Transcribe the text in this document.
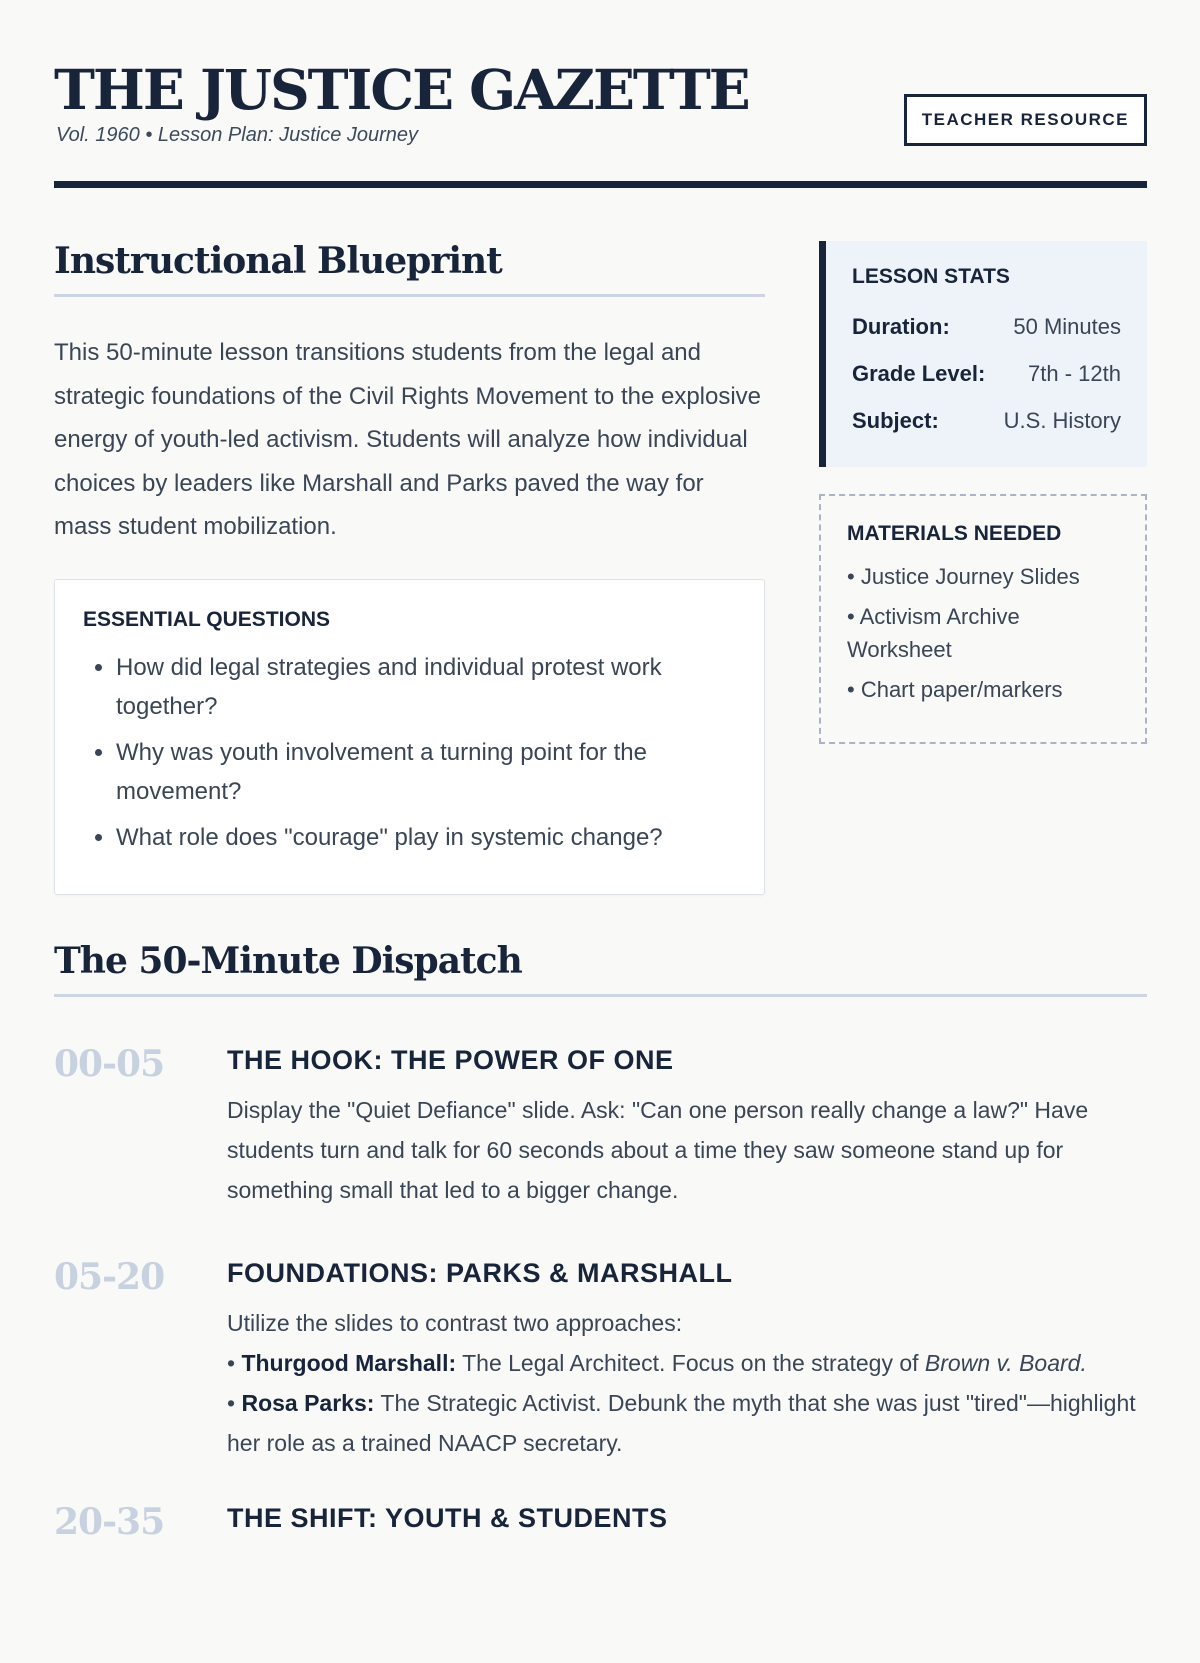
THE JUSTICE GAZETTE
Vol. 1960 • Lesson Plan: Justice Journey
TEACHER RESOURCE
Instructional Blueprint

This 50-minute lesson transitions students from the legal and strategic foundations of the Civil Rights Movement to the explosive energy of youth-led activism. Students will analyze how individual choices by leaders like Marshall and Parks paved the way for mass student mobilization.

ESSENTIAL QUESTIONS
• How did legal strategies and individual protest work together?
• Why was youth involvement a turning point for the movement?
• What role does "courage" play in systemic change?
LESSON STATS
Duration:	50 Minutes
Grade Level: 7th - 12th
Subject:	U.S. History
MATERIALS NEEDED
• Justice Journey Slides
• Activism Archive Worksheet
• Chart paper/markers
The 50-Minute Dispatch
00-05 THE HOOK: THE POWER OF ONE
Display the "Quiet Defiance" slide. Ask: "Can one person really change a law?" Have students turn and talk for 60 seconds about a time they saw someone stand up for something small that led to a bigger change.
05-20 FOUNDATIONS: PARKS & MARSHALL
Utilize the slides to contrast two approaches:
• Thurgood Marshall: The Legal Architect. Focus on the strategy of Brown v. Board.
• Rosa Parks: The Strategic Activist. Debunk the myth that she was just "tired"—highlight her role as a trained NAACP secretary.
20-35 THE SHIFT: YOUTH & STUDENTS
